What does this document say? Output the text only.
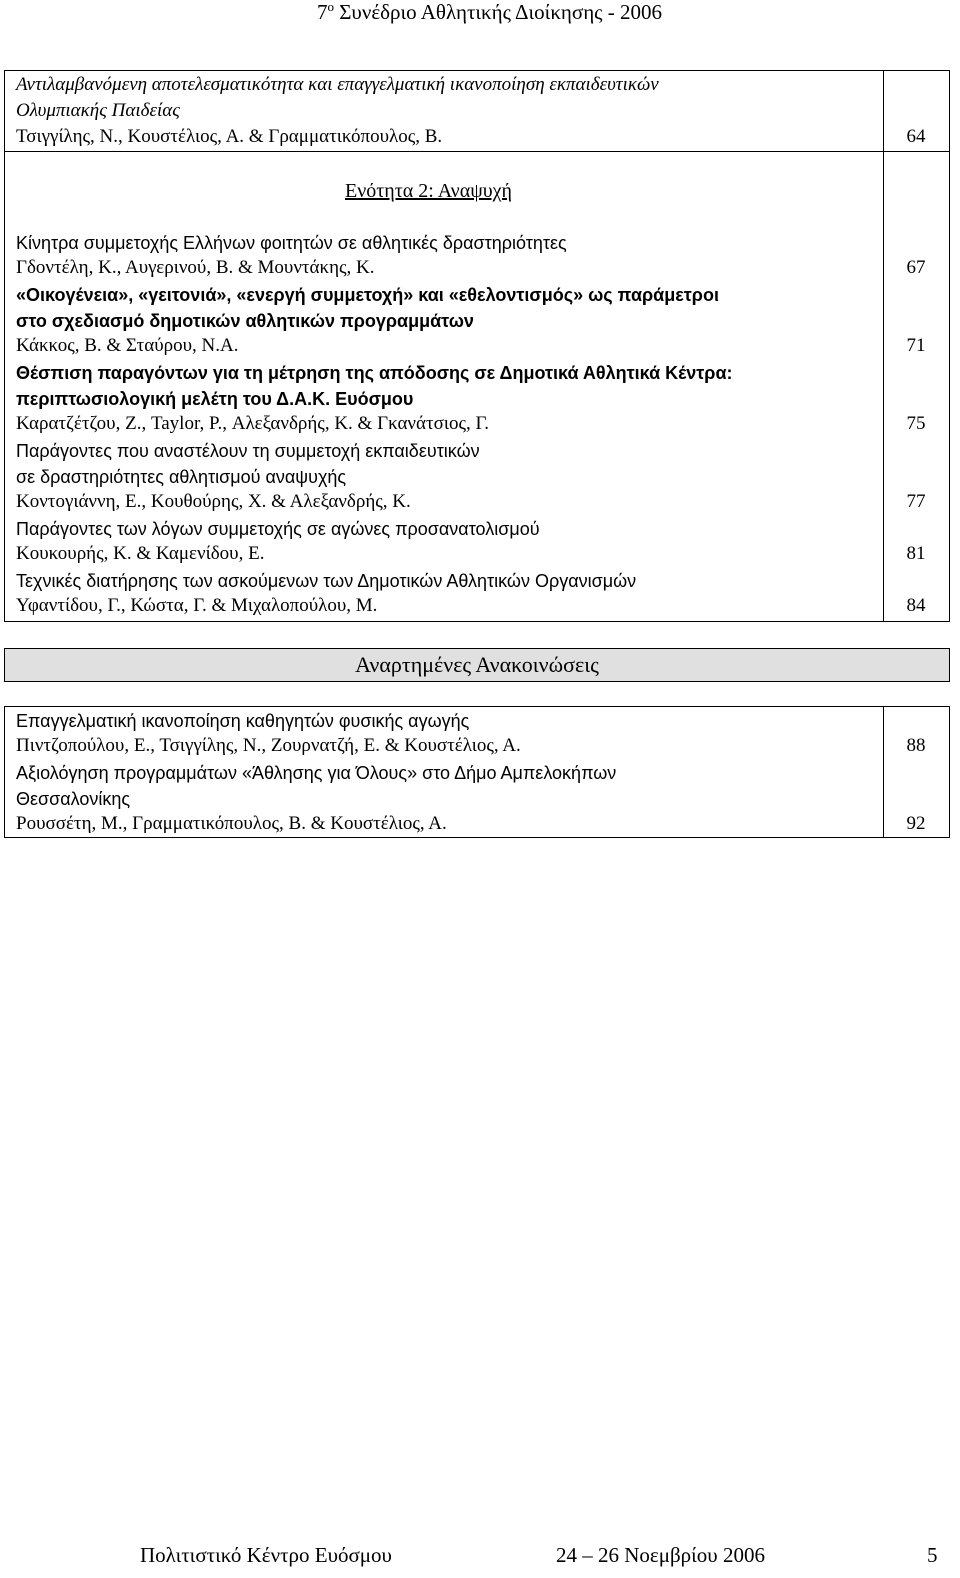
$7^o$ Συνέδριο Αθλητικής Διοίκησης - 2006
Αντιλαμβανόμενη αποτελεσματικότητα και επαγγελματική ικανοποίηση εκπαιδευτικών
Ολυμπιακής Παιδείας
Τσιγγίλης, Ν., Κουστέλιος, Α. & Γραμματικόπουλος, Β.	64
Ενότητα 2: Αναψυχή
Κίνητρα συμμετοχής Ελλήνων φοιτητών σε αθλητικές δραστηριότητες
Γδοντέλη, Κ., Αυγερινού, Β. & Μουντάκης, Κ.	67
«Οικογένεια», «γειτονιά», «ενεργή συμμετοχή» και «εθελοντισμός» ως παράμετροι
στο σχεδιασμό δημοτικών αθλητικών προγραμμάτων
Κάκκος, Β. & Σταύρου, Ν.Α.	71
Θέσπιση παραγόντων για τη μέτρηση της απόδοσης σε Δημοτικά Αθλητικά Κέντρα:
περιπτωσιολογική μελέτη του Δ.Α.Κ. Ευόσμου
Καρατζέτζου, Ζ., Taylor, P., Αλεξανδρής, Κ. & Γκανάτσιος, Γ.	75
Παράγοντες που αναστέλουν τη συμμετοχή εκπαιδευτικών
σε δραστηριότητες αθλητισμού αναψυχής
Κοντογιάννη, Ε., Κουθούρης, Χ. & Αλεξανδρής, Κ.	77
Παράγοντες των λόγων συμμετοχής σε αγώνες προσανατολισμού
Κουκουρής, Κ. & Καμενίδου, Ε.	81
Τεχνικές διατήρησης των ασκούμενων των Δημοτικών Αθλητικών Οργανισμών
Υφαντίδου, Γ., Κώστα, Γ. & Μιχαλοπούλου, Μ.	84
Αναρτημένες Ανακοινώσεις
Επαγγελματική ικανοποίηση καθηγητών φυσικής αγωγής
Πιντζοπούλου, Ε., Τσιγγίλης, Ν., Ζουρνατζή, Ε. & Κουστέλιος, Α.	88
Αξιολόγηση προγραμμάτων «Άθλησης για Όλους» στο Δήμο Αμπελοκήπων
Θεσσαλονίκης
Ρουσσέτη, Μ., Γραμματικόπουλος, Β. & Κουστέλιος, Α.	92
Πολιτιστικό Κέντρο Ευόσμου	24 – 26 Νοεμβρίου 2006	5
